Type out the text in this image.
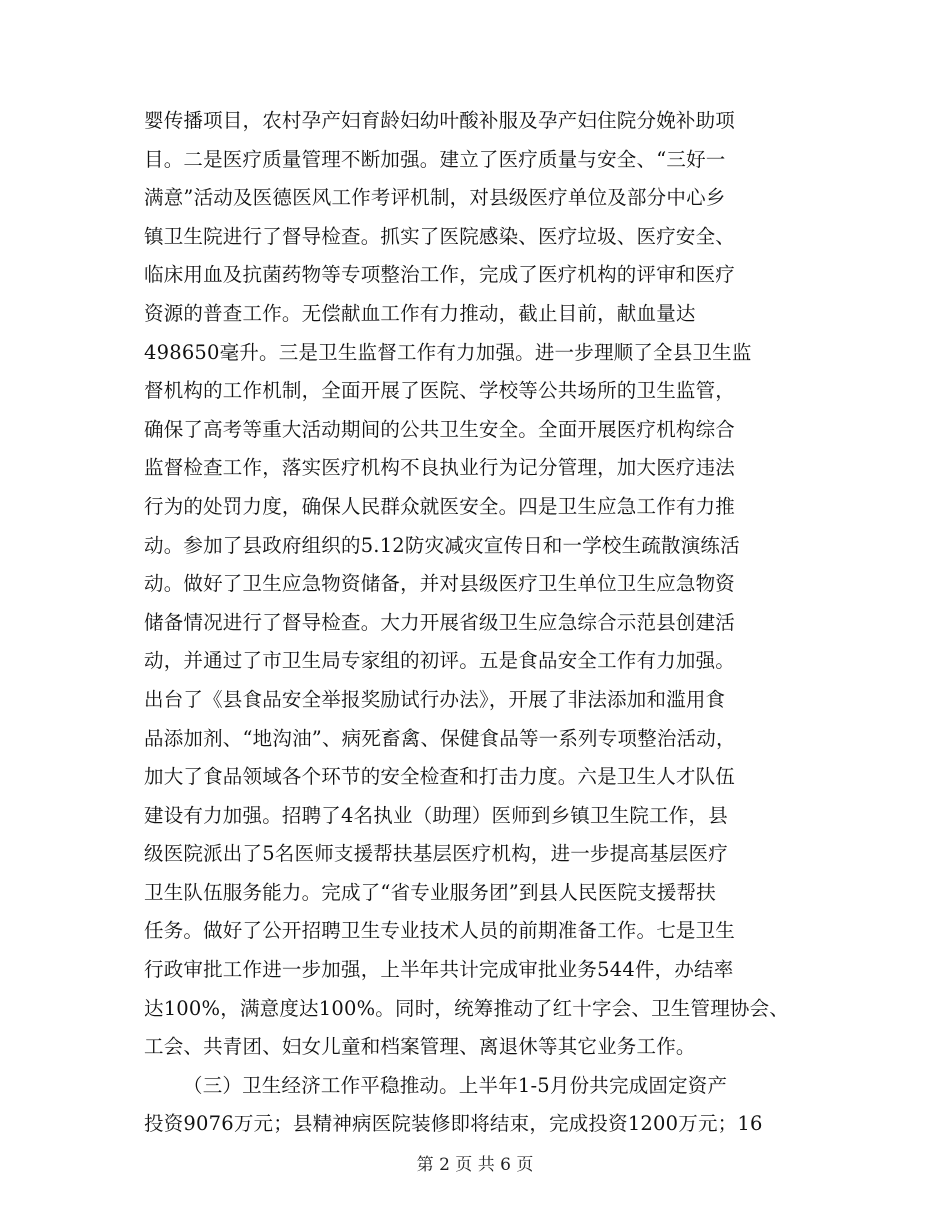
婴传播项目，农村孕产妇育龄妇幼叶酸补服及孕产妇住院分娩补助项
目。二是医疗质量管理不断加强。建立了医疗质量与安全、“三好一
满意”活动及医德医风工作考评机制，对县级医疗单位及部分中心乡
镇卫生院进行了督导检查。抓实了医院感染、医疗垃圾、医疗安全、
临床用血及抗菌药物等专项整治工作，完成了医疗机构的评审和医疗
资源的普查工作。无偿献血工作有力推动，截止目前，献血量达
498650毫升。三是卫生监督工作有力加强。进一步理顺了全县卫生监
督机构的工作机制，全面开展了医院、学校等公共场所的卫生监管，
确保了高考等重大活动期间的公共卫生安全。全面开展医疗机构综合
监督检查工作，落实医疗机构不良执业行为记分管理，加大医疗违法
行为的处罚力度，确保人民群众就医安全。四是卫生应急工作有力推
动。参加了县政府组织的5.12防灾减灾宣传日和一学校生疏散演练活
动。做好了卫生应急物资储备，并对县级医疗卫生单位卫生应急物资
储备情况进行了督导检查。大力开展省级卫生应急综合示范县创建活
动，并通过了市卫生局专家组的初评。五是食品安全工作有力加强。
出台了《县食品安全举报奖励试行办法》，开展了非法添加和滥用食
品添加剂、“地沟油”、病死畜禽、保健食品等一系列专项整治活动，
加大了食品领域各个环节的安全检查和打击力度。六是卫生人才队伍
建设有力加强。招聘了4名执业（助理）医师到乡镇卫生院工作，县
级医院派出了5名医师支援帮扶基层医疗机构，进一步提高基层医疗
卫生队伍服务能力。完成了“省专业服务团”到县人民医院支援帮扶
任务。做好了公开招聘卫生专业技术人员的前期准备工作。七是卫生
行政审批工作进一步加强，上半年共计完成审批业务544件，办结率
达100%，满意度达100%。同时，统筹推动了红十字会、卫生管理协会、
工会、共青团、妇女儿童和档案管理、离退休等其它业务工作。
（三）卫生经济工作平稳推动。上半年1-5月份共完成固定资产
投资9076万元；县精神病医院装修即将结束，完成投资1200万元；16
第 2 页 共 6 页
